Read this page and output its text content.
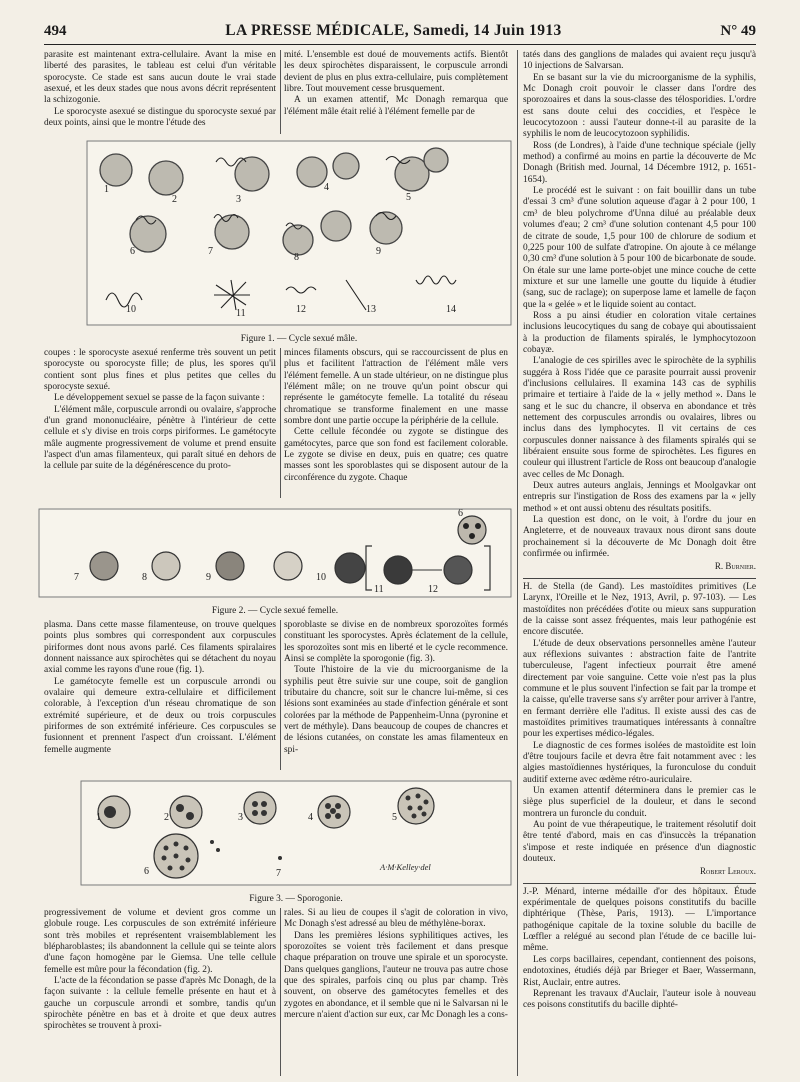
494	LA PRESSE MÉDICALE, Samedi, 14 Juin 1913	N° 49

parasite est maintenant extra-cellulaire. Avant la mise en liberté des parasites, le tableau est celui d'un véritable sporocyste. Ce stade est sans aucun doute le vrai stade asexué, et les deux stades que nous avons décrit représentent la schizogonie.

Le sporocyste asexué se distingue du sporocyste sexué par deux points, ainsi que le montre l'étude des

mité. L'ensemble est doué de mouvements actifs. Bientôt les deux spirochètes disparaissent, le corpuscule arrondi devient de plus en plus extra-cellulaire, puis complètement libre. Tout mouvement cesse brusquement.

A un examen attentif, Mc Donagh remarqua que l'élément mâle était relié à l'élément femelle par de

1
2	3
4
5
6	7
8
9
10	11	12	13	14
Figure 1. — Cycle sexué mâle.

coupes : le sporocyste asexué renferme très souvent un petit sporocyste ou sporocyste fille; de plus, les spores qu'il contient sont plus fines et plus petites que celles du sporocyste sexué.

Le développement sexuel se passe de la façon suivante :

L'élément mâle, corpuscule arrondi ou ovalaire, s'approche d'un grand mononucléaire, pénètre à l'intérieur de cette cellule et s'y divise en trois corps piriformes. Le gamétocyte mâle augmente progressivement de volume et prend ensuite l'aspect d'un amas filamenteux, qui paraît situé en dehors de la cellule par suite de la dégénérescence du proto-

minces filaments obscurs, qui se raccourcissent de plus en plus et facilitent l'attraction de l'élément mâle vers l'élément femelle. A un stade ultérieur, on ne distingue plus l'élément mâle; on ne trouve qu'un point obscur qui représente le gamétocyte femelle. La totalité du réseau chromatique se transforme finalement en une masse sombre dont une partie occupe la périphérie de la cellule.

Cette cellule fécondée ou zygote se distingue des gamétocytes, parce que son fond est facilement colorable. Le zygote se divise en deux, puis en quatre; ces quatre masses sont les sporoblastes qui se disposent autour de la circonférence du zygote. Chaque

6
7	8	9	10
11	12
Figure 2. — Cycle sexué femelle.

plasma. Dans cette masse filamenteuse, on trouve quelques points plus sombres qui correspondent aux corpuscules piriformes dont nous avons parlé. Ces filaments spiralaires donnent naissance aux spirochètes qui se détachent du noyau axial comme les rayons d'une roue (fig. 1).

Le gamétocyte femelle est un corpuscule arrondi ou ovalaire qui demeure extra-cellulaire et difficilement colorable, à l'exception d'un réseau chromatique de son extrémité supérieure, et de deux ou trois corpuscules piriformes de son extrémité inférieure. Ces corpuscules se fusionnent et prennent l'aspect d'un croissant. L'élément femelle augmente

sporoblaste se divise en de nombreux sporozoïtes formés constituant les sporocystes. Après éclatement de la cellule, les sporozoïtes sont mis en liberté et le cycle recommence. Ainsi se complète la sporogonie (fig. 3).

Toute l'histoire de la vie du microorganisme de la syphilis peut être suivie sur une coupe, soit de ganglion tributaire du chancre, soit sur le chancre lui-même, si ces lésions sont examinées au stade d'infection générale et sont colorées par la méthode de Pappenheim-Unna (pyronine et vert de méthyle). Dans beaucoup de coupes de chancres et de lésions cutanées, on constate les amas filamenteux en spi-

1	2	3	4	5
6	7
A·M·Kelley·del
Figure 3. — Sporogonie.

progressivement de volume et devient gros comme un globule rouge. Les corpuscules de son extrémité inférieure sont très mobiles et représentent vraisemblablement les blépharoblastes; ils abandonnent la cellule qui se teinte alors d'une façon homogène par le Giemsa. Une telle cellule femelle est mûre pour la fécondation (fig. 2).

L'acte de la fécondation se passe d'après Mc Donagh, de la façon suivante : la cellule femelle présente en haut et à gauche un corpuscule arrondi et sombre, tandis qu'un spirochète pénètre en bas et à droite et que deux autres spirochètes se trouvent à proxi-

rales. Si au lieu de coupes il s'agit de coloration in vivo, Mc Donagh s'est adressé au bleu de méthylène-borax.

Dans les premières lésions syphilitiques actives, les sporozoïtes se voient très facilement et dans presque chaque préparation on trouve une spirale et un sporocyste. Dans quelques ganglions, l'auteur ne trouva pas autre chose que des spirales, parfois cinq ou plus par champ. Très souvent, on observe des gamétocytes femelles et des zygotes en abondance, et il semble que ni le Salvarsan ni le mercure n'aient d'action sur eux, car Mc Donagh les a cons-

tatés dans des ganglions de malades qui avaient reçu jusqu'à 10 injections de Salvarsan.

En se basant sur la vie du microorganisme de la syphilis, Mc Donagh croit pouvoir le classer dans l'ordre des sporozoaires et dans la sous-classe des télosporidies. L'ordre est sans doute celui des coccidies, et l'espèce le leucocytozoon : aussi l'auteur donne-t-il au parasite de la syphilis le nom de leucocytozoon syphilidis.

Ross (de Londres), à l'aide d'une technique spéciale (jelly method) a confirmé au moins en partie la découverte de Mc Donagh (British med. Journal, 14 Décembre 1912, p. 1651-1654).

Le procédé est le suivant : on fait bouillir dans un tube d'essai 3 cm³ d'une solution aqueuse d'agar à 2 pour 100, 1 cm³ de bleu polychrome d'Unna dilué au préalable deux volumes d'eau; 2 cm³ d'une solution contenant 4,5 pour 100 de citrate de soude, 1,5 pour 100 de chlorure de sodium et 0,225 pour 100 de sulfate d'atropine. On ajoute à ce mélange 0,30 cm³ d'une solution à 5 pour 100 de bicarbonate de soude. On étale sur une lame porte-objet une mince couche de cette mixture et sur une lamelle une goutte du liquide à étudier (sang, suc de raclage); on superpose lame et lamelle de façon que la « gelée » et le liquide soient au contact.

Ross a pu ainsi étudier en coloration vitale certaines inclusions leucocytiques du sang de cobaye qui aboutissaient à la production de filaments spiralés, le lymphocytozoon cobayæ.

L'analogie de ces spirilles avec le spirochète de la syphilis suggéra à Ross l'idée que ce parasite pourrait aussi provenir d'inclusions cellulaires. Il examina 143 cas de syphilis primaire et tertiaire à l'aide de la « jelly method ». Dans le sang et le suc du chancre, il observa en abondance et très nettement des corpuscules arrondis ou ovalaires, libres ou inclus dans des lymphocytes. Il vit certains de ces corpuscules donner naissance à des filaments spiralés qui se libéraient ensuite sous forme de spirochètes. Les figures en couleur qui illustrent l'article de Ross ont beaucoup d'analogie avec celles de Mc Donagh.

Deux autres auteurs anglais, Jennings et Moolgavkar ont entrepris sur l'instigation de Ross des examens par la « jelly method » et ont aussi obtenu des résultats positifs.

La question est donc, on le voit, à l'ordre du jour en Angleterre, et de nouveaux travaux nous diront sans doute prochainement si la découverte de Mc Donagh doit être confirmée ou infirmée.

R. Burnier.

H. de Stella (de Gand). Les mastoïdites primitives (Le Larynx, l'Oreille et le Nez, 1913, Avril, p. 97-103). — Les mastoïdites non précédées d'otite ou mieux sans suppuration de la caisse sont assez fréquentes, mais leur pathogénie est encore discutée.

L'étude de deux observations personnelles amène l'auteur aux réflexions suivantes : abstraction faite de l'antrite tuberculeuse, l'agent infectieux pourrait être amené directement par voie sanguine. Cette voie n'est pas la plus commune et le plus souvent l'infection se fait par la trompe et la caisse, qu'elle traverse sans s'y arrêter pour arriver à l'antre, en fermant derrière elle l'aditus. Il existe aussi des cas de mastoïdites primitives traumatiques intéressants à connaître pour les expertises médico-légales.

Le diagnostic de ces formes isolées de mastoïdite est loin d'être toujours facile et devra être fait notamment avec : les algies mastoïdiennes hystériques, la furonculose du conduit auditif externe avec œdème rétro-auriculaire.

Un examen attentif déterminera dans le premier cas le siège plus superficiel de la douleur, et dans le second montrera un furoncle du conduit.

Au point de vue thérapeutique, le traitement résolutif doit être tenté d'abord, mais en cas d'insuccès la trépanation s'impose et reste indiquée en présence d'un diagnostic douteux.

Robert Leroux.

J.-P. Ménard, interne médaille d'or des hôpitaux. Étude expérimentale de quelques poisons constitutifs du bacille diphtérique (Thèse, Paris, 1913). — L'importance pathogénique capitale de la toxine soluble du bacille de Lœffler a relégué au second plan l'étude de ce bacille lui-même.

Les corps bacillaires, cependant, contiennent des poisons, endotoxines, étudiés déjà par Brieger et Baer, Wassermann, Rist, Auclair, entre autres.

Reprenant les travaux d'Auclair, l'auteur isole à nouveau ces poisons constitutifs du bacille diphté-
